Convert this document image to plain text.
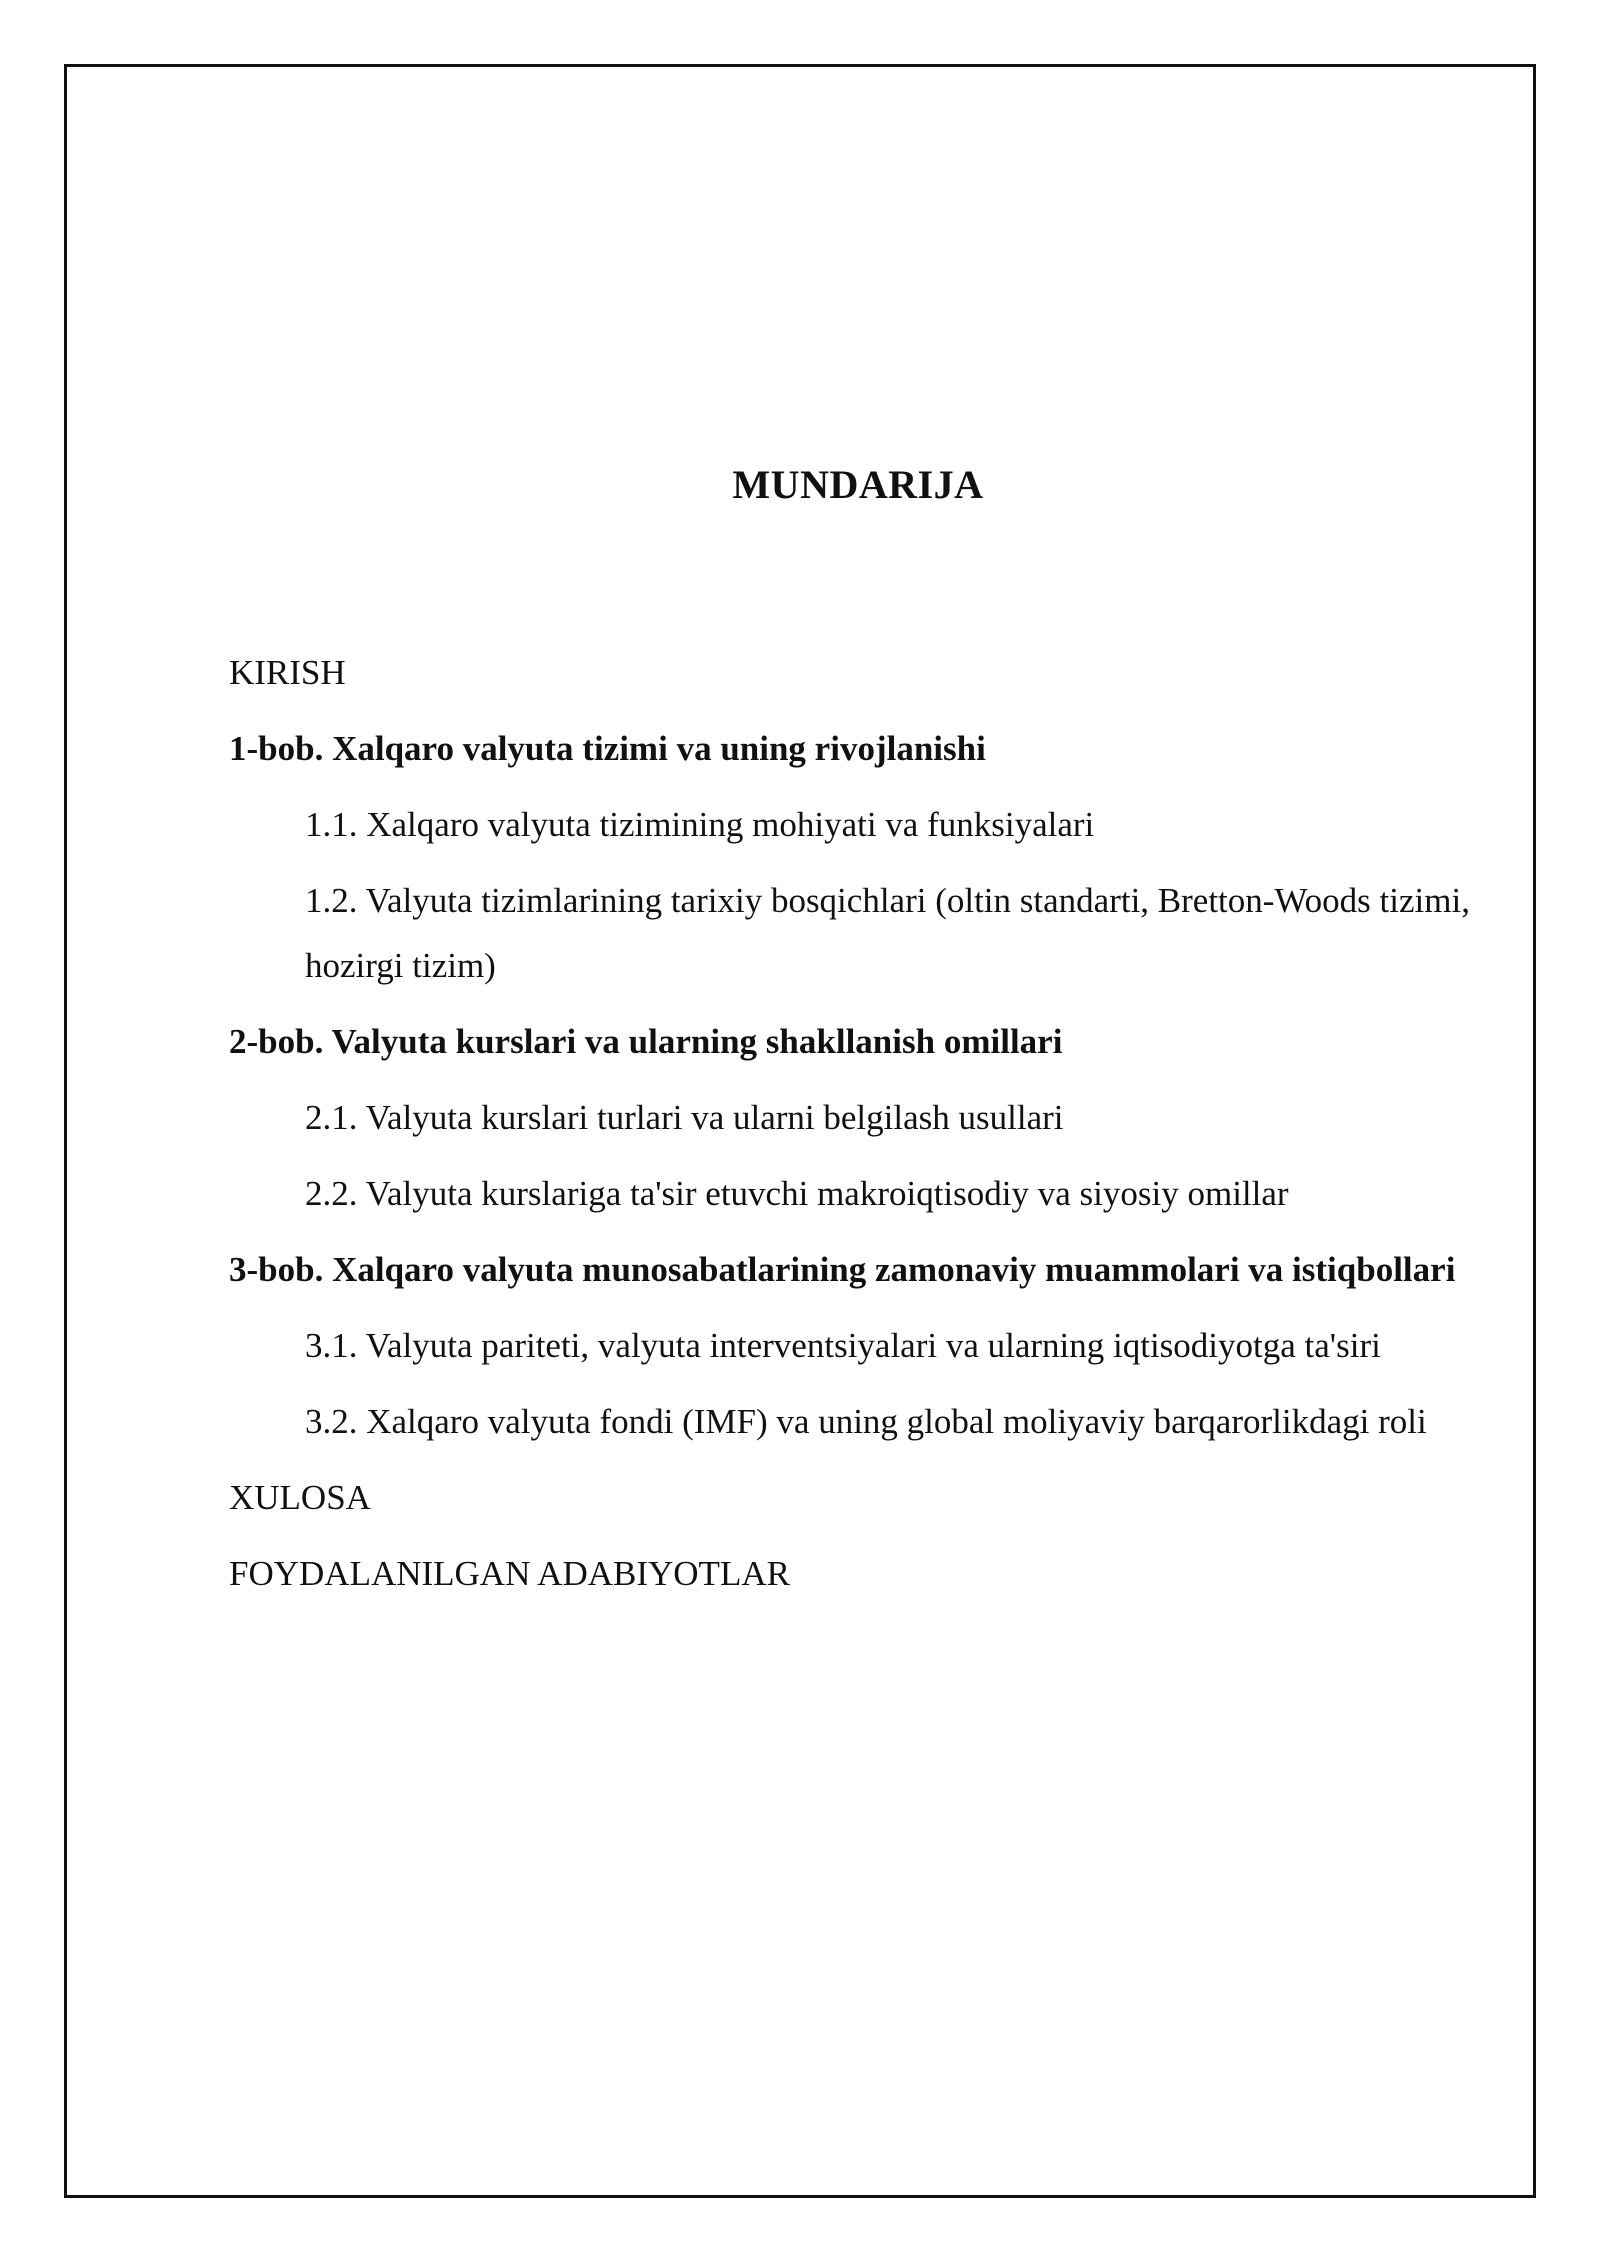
MUNDARIJA
KIRISH
1-bob. Xalqaro valyuta tizimi va uning rivojlanishi
1.1. Xalqaro valyuta tizimining mohiyati va funksiyalari
1.2. Valyuta tizimlarining tarixiy bosqichlari (oltin standarti, Bretton-Woods tizimi, hozirgi tizim)
2-bob. Valyuta kurslari va ularning shakllanish omillari
2.1. Valyuta kurslari turlari va ularni belgilash usullari
2.2. Valyuta kurslariga ta'sir etuvchi makroiqtisodiy va siyosiy omillar
3-bob. Xalqaro valyuta munosabatlarining zamonaviy muammolari va istiqbollari
3.1. Valyuta pariteti, valyuta interventsiyalari va ularning iqtisodiyotga ta'siri
3.2. Xalqaro valyuta fondi (IMF) va uning global moliyaviy barqarorlikdagi roli
XULOSA
FOYDALANILGAN ADABIYOTLAR
